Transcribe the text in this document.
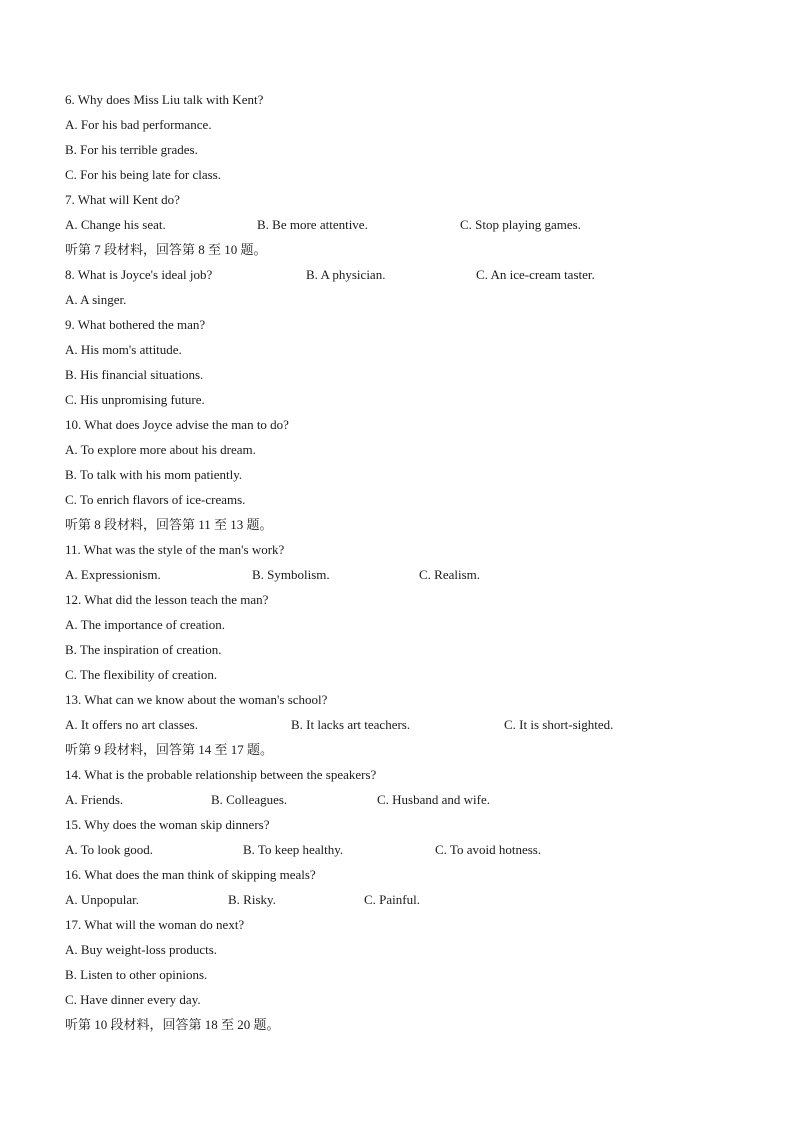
6. Why does Miss Liu talk with Kent?
A. For his bad performance.
B. For his terrible grades.
C. For his being late for class.
7. What will Kent do?
A. Change his seat.	B. Be more attentive.	C. Stop playing games.
听第 7 段材料，回答第 8 至 10 题。
8. What is Joyce's ideal job?	B. A physician.	C. An ice-cream taster.
A. A singer.
9. What bothered the man?
A. His mom's attitude.
B. His financial situations.
C. His unpromising future.
10. What does Joyce advise the man to do?
A. To explore more about his dream.
B. To talk with his mom patiently.
C. To enrich flavors of ice-creams.
听第 8 段材料，回答第 11 至 13 题。
11. What was the style of the man's work?
A. Expressionism.	B. Symbolism.	C. Realism.
12. What did the lesson teach the man?
A. The importance of creation.
B. The inspiration of creation.
C. The flexibility of creation.
13. What can we know about the woman's school?
A. It offers no art classes.	B. It lacks art teachers.	C. It is short-sighted.
听第 9 段材料，回答第 14 至 17 题。
14. What is the probable relationship between the speakers?
A. Friends.	B. Colleagues.	C. Husband and wife.
15. Why does the woman skip dinners?
A. To look good.	B. To keep healthy.	C. To avoid hotness.
16. What does the man think of skipping meals?
A. Unpopular.	B. Risky.	C. Painful.
17. What will the woman do next?
A. Buy weight-loss products.
B. Listen to other opinions.
C. Have dinner every day.
听第 10 段材料，回答第 18 至 20 题。
